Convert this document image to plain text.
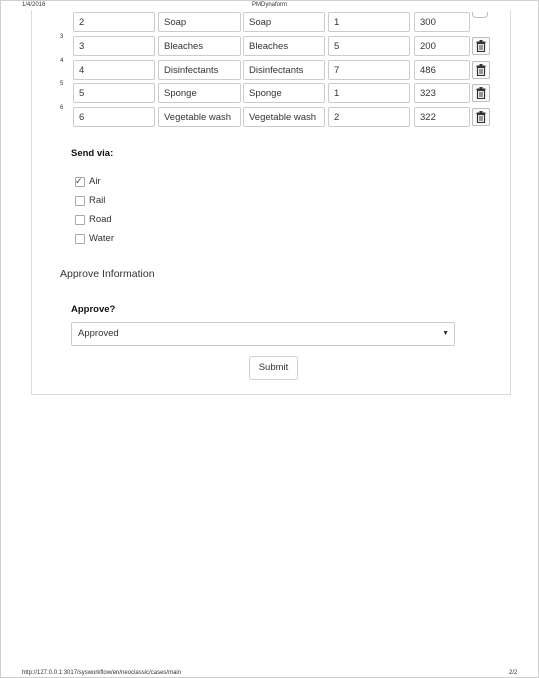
1/4/2016	PMDynaform
2	Soap	Soap	1	300
3
3	Bleaches	Bleaches	5	200
4
4	Disinfectants	Disinfectants	7	486
5
5	Sponge	Sponge	1	323
6
6	Vegetable wash	Vegetable wash	2	322
Send via:
✓ Air
Rail
Road
Water
Approve Information
Approve?
Approved	▼
Submit
http://127.0.0.1:3017/sysworkflow/en/neoclassic/cases/main	2/2
